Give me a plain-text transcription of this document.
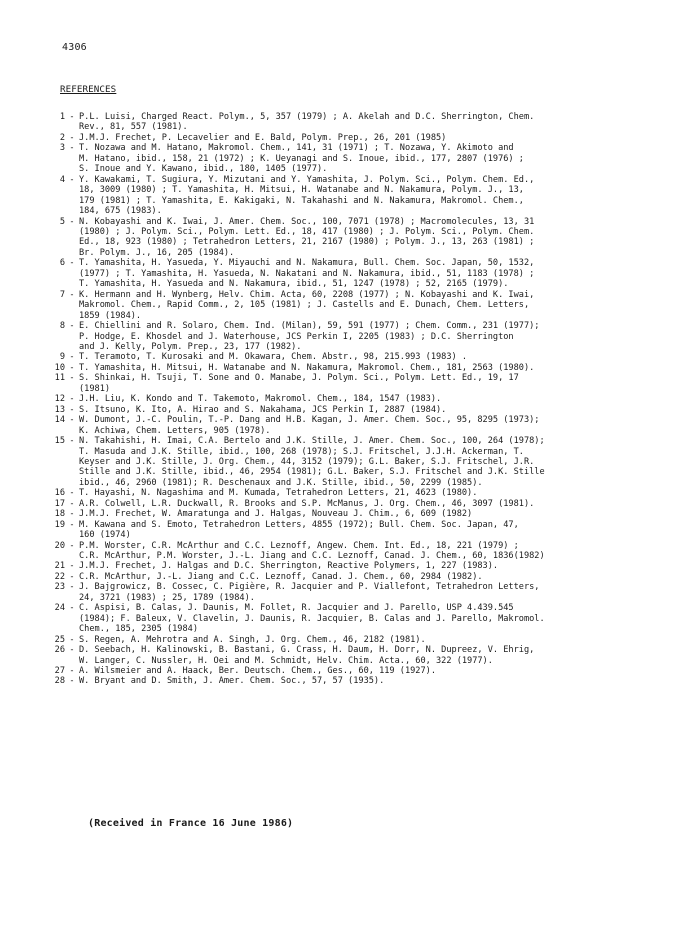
4306
REFERENCES
1 - P.L. Luisi, Charged React. Polym., 5, 357 (1979) ; A. Akelah and D.C. Sherrington, Chem.
Rev., 81, 557 (1981).
2 - J.M.J. Frechet, P. Lecavelier and E. Bald, Polym. Prep., 26, 201 (1985)
3 - T. Nozawa and M. Hatano, Makromol. Chem., 141, 31 (1971) ; T. Nozawa, Y. Akimoto and
M. Hatano, ibid., 158, 21 (1972) ; K. Ueyanagi and S. Inoue, ibid., 177, 2807 (1976) ;
S. Inoue and Y. Kawano, ibid., 180, 1405 (1977).
4 - Y. Kawakami, T. Sugiura, Y. Mizutani and Y. Yamashita, J. Polym. Sci., Polym. Chem. Ed.,
18, 3009 (1980) ; T. Yamashita, H. Mitsui, H. Watanabe and N. Nakamura, Polym. J., 13,
179 (1981) ; T. Yamashita, E. Kakigaki, N. Takahashi and N. Nakamura, Makromol. Chem.,
184, 675 (1983).
5 - N. Kobayashi and K. Iwai, J. Amer. Chem. Soc., 100, 7071 (1978) ; Macromolecules, 13, 31
(1980) ; J. Polym. Sci., Polym. Lett. Ed., 18, 417 (1980) ; J. Polym. Sci., Polym. Chem.
Ed., 18, 923 (1980) ; Tetrahedron Letters, 21, 2167 (1980) ; Polym. J., 13, 263 (1981) ;
Br. Polym. J., 16, 205 (1984).
6 - T. Yamashita, H. Yasueda, Y. Miyauchi and N. Nakamura, Bull. Chem. Soc. Japan, 50, 1532,
(1977) ; T. Yamashita, H. Yasueda, N. Nakatani and N. Nakamura, ibid., 51, 1183 (1978) ;
T. Yamashita, H. Yasueda and N. Nakamura, ibid., 51, 1247 (1978) ; 52, 2165 (1979).
7 - K. Hermann and H. Wynberg, Helv. Chim. Acta, 60, 2208 (1977) ; N. Kobayashi and K. Iwai,
Makromol. Chem., Rapid Comm., 2, 105 (1981) ; J. Castells and E. Dunach, Chem. Letters,
1859 (1984).
8 - E. Chiellini and R. Solaro, Chem. Ind. (Milan), 59, 591 (1977) ; Chem. Comm., 231 (1977);
P. Hodge, E. Khosdel and J. Waterhouse, JCS Perkin I, 2205 (1983) ; D.C. Sherrington
and J. Kelly, Polym. Prep., 23, 177 (1982).
9 - T. Teramoto, T. Kurosaki and M. Okawara, Chem. Abstr., 98, 215.993 (1983) .
10 - T. Yamashita, H. Mitsui, H. Watanabe and N. Nakamura, Makromol. Chem., 181, 2563 (1980).
11 - S. Shinkai, H. Tsuji, T. Sone and O. Manabe, J. Polym. Sci., Polym. Lett. Ed., 19, 17
(1981)
12 - J.H. Liu, K. Kondo and T. Takemoto, Makromol. Chem., 184, 1547 (1983).
13 - S. Itsuno, K. Ito, A. Hirao and S. Nakahama, JCS Perkin I, 2887 (1984).
14 - W. Dumont, J.-C. Poulin, T.-P. Dang and H.B. Kagan, J. Amer. Chem. Soc., 95, 8295 (1973);
K. Achiwa, Chem. Letters, 905 (1978).
15 - N. Takahishi, H. Imai, C.A. Bertelo and J.K. Stille, J. Amer. Chem. Soc., 100, 264 (1978);
T. Masuda and J.K. Stille, ibid., 100, 268 (1978); S.J. Fritschel, J.J.H. Ackerman, T.
Keyser and J.K. Stille, J. Org. Chem., 44, 3152 (1979); G.L. Baker, S.J. Fritschel, J.R.
Stille and J.K. Stille, ibid., 46, 2954 (1981); G.L. Baker, S.J. Fritschel and J.K. Stille
ibid., 46, 2960 (1981); R. Deschenaux and J.K. Stille, ibid., 50, 2299 (1985).
16 - T. Hayashi, N. Nagashima and M. Kumada, Tetrahedron Letters, 21, 4623 (1980).
17 - A.R. Colwell, L.R. Duckwall, R. Brooks and S.P. McManus, J. Org. Chem., 46, 3097 (1981).
18 - J.M.J. Frechet, W. Amaratunga and J. Halgas, Nouveau J. Chim., 6, 609 (1982)
19 - M. Kawana and S. Emoto, Tetrahedron Letters, 4855 (1972); Bull. Chem. Soc. Japan, 47,
160 (1974)
20 - P.M. Worster, C.R. McArthur and C.C. Leznoff, Angew. Chem. Int. Ed., 18, 221 (1979) ;
C.R. McArthur, P.M. Worster, J.-L. Jiang and C.C. Leznoff, Canad. J. Chem., 60, 1836(1982)
21 - J.M.J. Frechet, J. Halgas and D.C. Sherrington, Reactive Polymers, 1, 227 (1983).
22 - C.R. McArthur, J.-L. Jiang and C.C. Leznoff, Canad. J. Chem., 60, 2984 (1982).
23 - J. Bajgrowicz, B. Cossec, C. Pigière, R. Jacquier and P. Viallefont, Tetrahedron Letters,
24, 3721 (1983) ; 25, 1789 (1984).
24 - C. Aspisi, B. Calas, J. Daunis, M. Follet, R. Jacquier and J. Parello, USP 4.439.545
(1984); F. Baleux, V. Clavelin, J. Daunis, R. Jacquier, B. Calas and J. Parello, Makromol.
Chem., 185, 2305 (1984)
25 - S. Regen, A. Mehrotra and A. Singh, J. Org. Chem., 46, 2182 (1981).
26 - D. Seebach, H. Kalinowski, B. Bastani, G. Crass, H. Daum, H. Dorr, N. Dupreez, V. Ehrig,
W. Langer, C. Nussler, H. Oei and M. Schmidt, Helv. Chim. Acta., 60, 322 (1977).
27 - A. Wilsmeier and A. Haack, Ber. Deutsch. Chem., Ges., 60, 119 (1927).
28 - W. Bryant and D. Smith, J. Amer. Chem. Soc., 57, 57 (1935).
(Received in France 16 June 1986)
